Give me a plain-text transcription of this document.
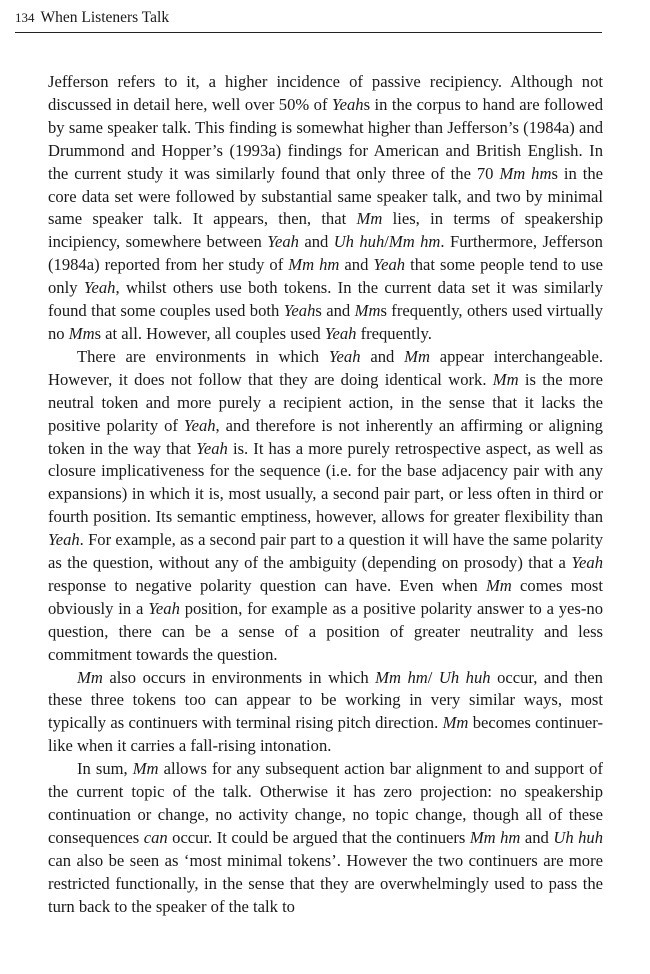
134 When Listeners Talk

Jefferson refers to it, a higher incidence of passive recipiency. Although not discussed in detail here, well over 50% of Yeahs in the corpus to hand are followed by same speaker talk. This finding is somewhat higher than Jefferson’s (1984a) and Drummond and Hopper’s (1993a) findings for American and British English. In the current study it was similarly found that only three of the 70 Mm hms in the core data set were followed by substantial same speaker talk, and two by minimal same speaker talk. It appears, then, that Mm lies, in terms of speakership incipiency, somewhere between Yeah and Uh huh/Mm hm. Furthermore, Jefferson (1984a) reported from her study of Mm hm and Yeah that some people tend to use only Yeah, whilst others use both tokens. In the current data set it was similarly found that some couples used both Yeahs and Mms frequently, others used virtually no Mms at all. However, all couples used Yeah frequently.

There are environments in which Yeah and Mm appear interchangeable. However, it does not follow that they are doing identical work. Mm is the more neutral token and more purely a recipient action, in the sense that it lacks the positive polarity of Yeah, and therefore is not inherently an affirming or aligning token in the way that Yeah is. It has a more purely retrospective aspect, as well as closure implicativeness for the sequence (i.e. for the base adjacency pair with any expansions) in which it is, most usually, a second pair part, or less often in third or fourth position. Its semantic emptiness, however, allows for greater flexibility than Yeah. For example, as a second pair part to a question it will have the same polarity as the question, without any of the ambiguity (depending on prosody) that a Yeah response to negative polarity question can have. Even when Mm comes most obviously in a Yeah position, for example as a positive polarity answer to a yes-no question, there can be a sense of a position of greater neutrality and less commitment towards the question.

Mm also occurs in environments in which Mm hm/ Uh huh occur, and then these three tokens too can appear to be working in very similar ways, most typically as continuers with terminal rising pitch direction. Mm becomes continuer-like when it carries a fall-rising intonation.

In sum, Mm allows for any subsequent action bar alignment to and support of the current topic of the talk. Otherwise it has zero projection: no speakership continuation or change, no activity change, no topic change, though all of these consequences can occur. It could be argued that the continuers Mm hm and Uh huh can also be seen as ‘most minimal tokens’. However the two continuers are more restricted functionally, in the sense that they are overwhelmingly used to pass the turn back to the speaker of the talk to
